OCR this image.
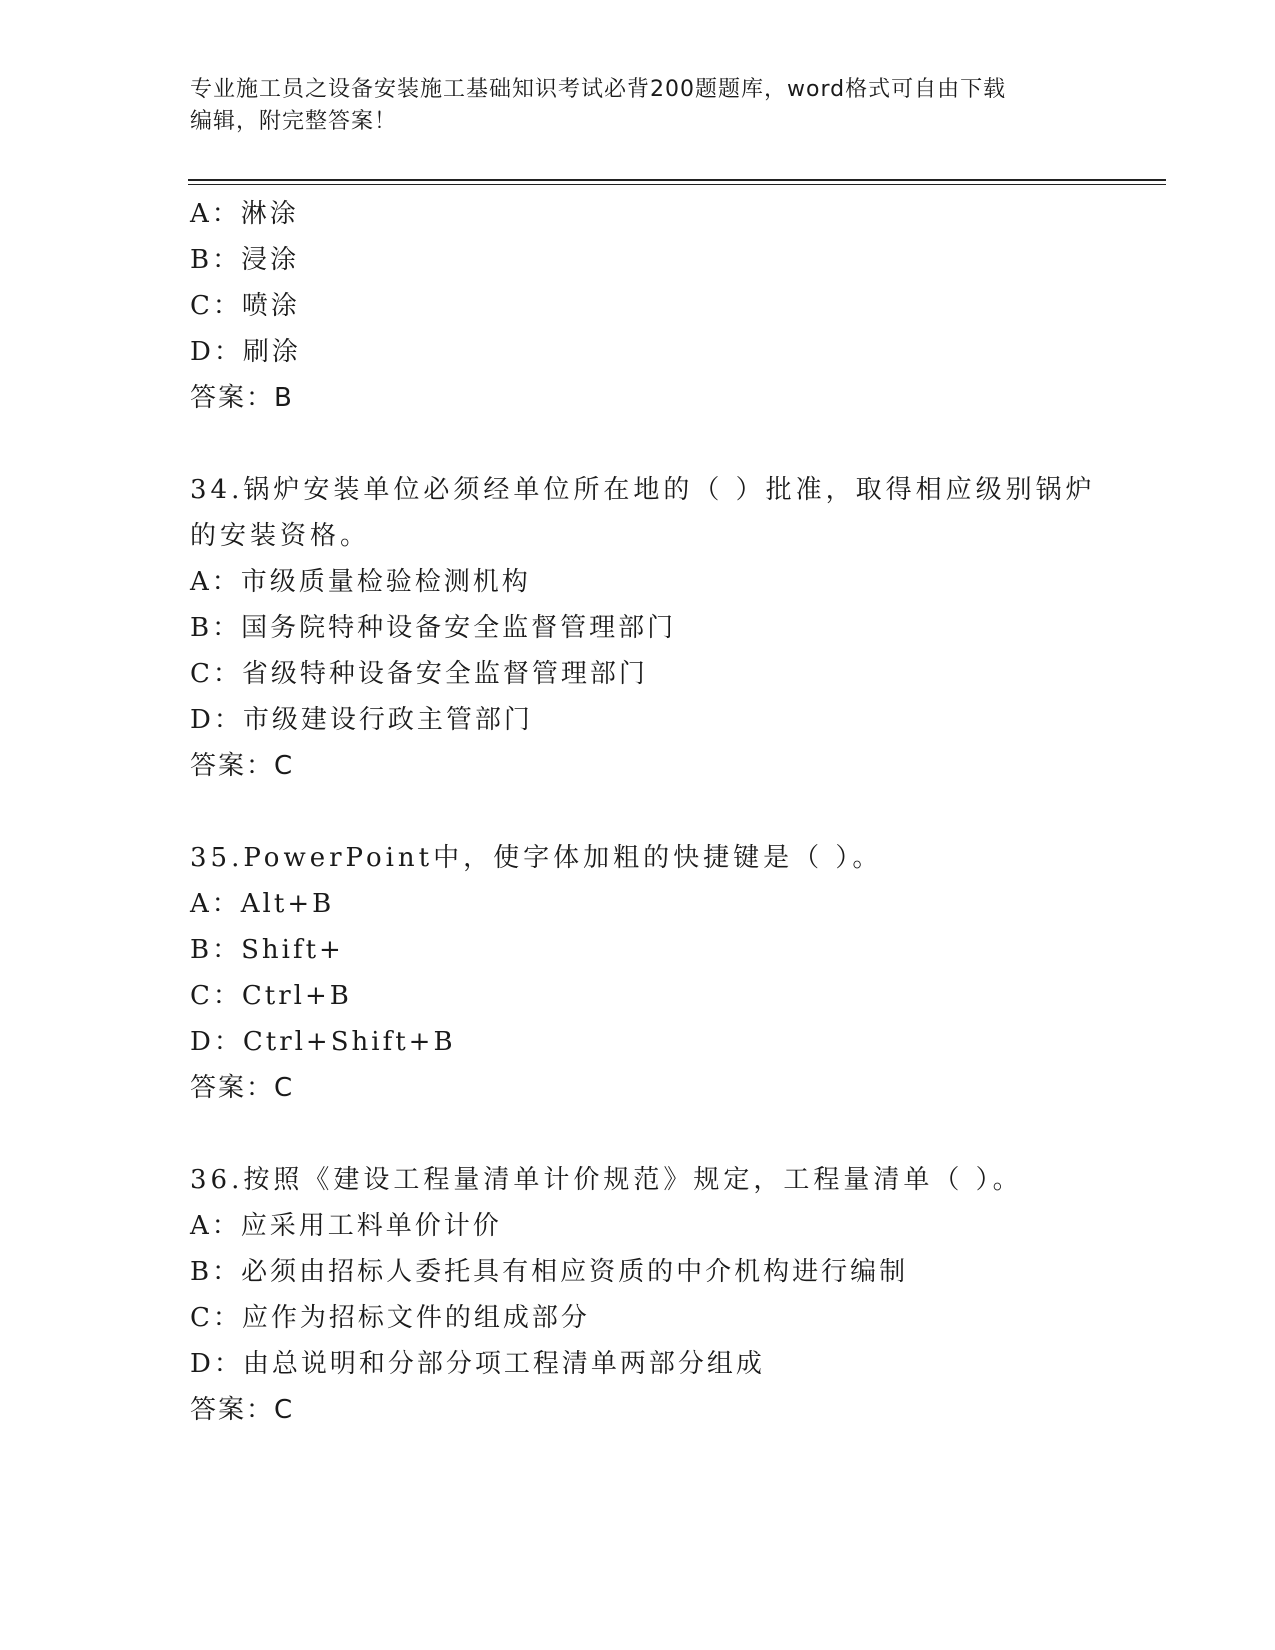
专业施工员之设备安装施工基础知识考试必背200题题库，word格式可自由下载
编辑，附完整答案！
A：淋涂
B：浸涂
C：喷涂
D：刷涂
答案：B
34.锅炉安装单位必须经单位所在地的（ ）批准，取得相应级别锅炉
的安装资格。
A：市级质量检验检测机构
B：国务院特种设备安全监督管理部门
C：省级特种设备安全监督管理部门
D：市级建设行政主管部门
答案：C
35.PowerPoint中，使字体加粗的快捷键是（ ）。
A：Alt+B
B：Shift+
C：Ctrl+B
D：Ctrl+Shift+B
答案：C
36.按照《建设工程量清单计价规范》规定，工程量清单（ ）。
A：应采用工料单价计价
B：必须由招标人委托具有相应资质的中介机构进行编制
C：应作为招标文件的组成部分
D：由总说明和分部分项工程清单两部分组成
答案：C
